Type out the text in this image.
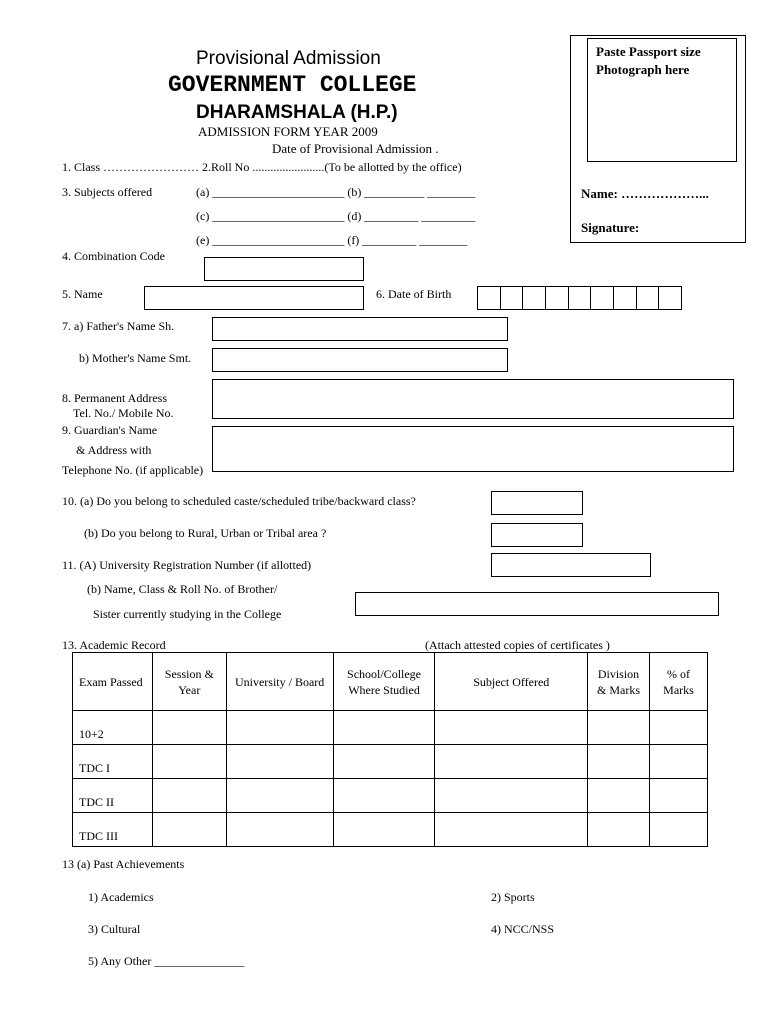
Provisional Admission
GOVERNMENT COLLEGE
DHARAMSHALA (H.P.)
ADMISSION FORM YEAR 2009
Date of Provisional Admission .
Paste Passport size
Photograph here
Name: ………………...
Signature:
1. Class …………………… 2.Roll No ........................(To be allotted by the office)
3. Subjects offered	(a) ______________________ (b) __________ ________
(c) ______________________ (d) _________ _________
(e) ______________________ (f) _________ ________
4. Combination Code
5. Name	6. Date of Birth
7. a) Father's Name Sh.
b) Mother's Name Smt.
8. Permanent Address
Tel. No./ Mobile No.
9. Guardian's Name
& Address with
Telephone No. (if applicable)
10. (a) Do you belong to scheduled caste/scheduled tribe/backward class?
(b) Do you belong to Rural, Urban or Tribal area ?
11. (A) University Registration Number (if allotted)
(b) Name, Class & Roll No. of Brother/
Sister currently studying in the College
13. Academic Record	(Attach attested copies of certificates )
Exam Passed	Session & Year	University / Board	School/College Where Studied	Subject Offered	Division & Marks	% of Marks
10+2						
TDC I						
TDC II						
TDC III						
13 (a) Past Achievements
1) Academics	2) Sports
3) Cultural	4) NCC/NSS
5) Any Other _______________
